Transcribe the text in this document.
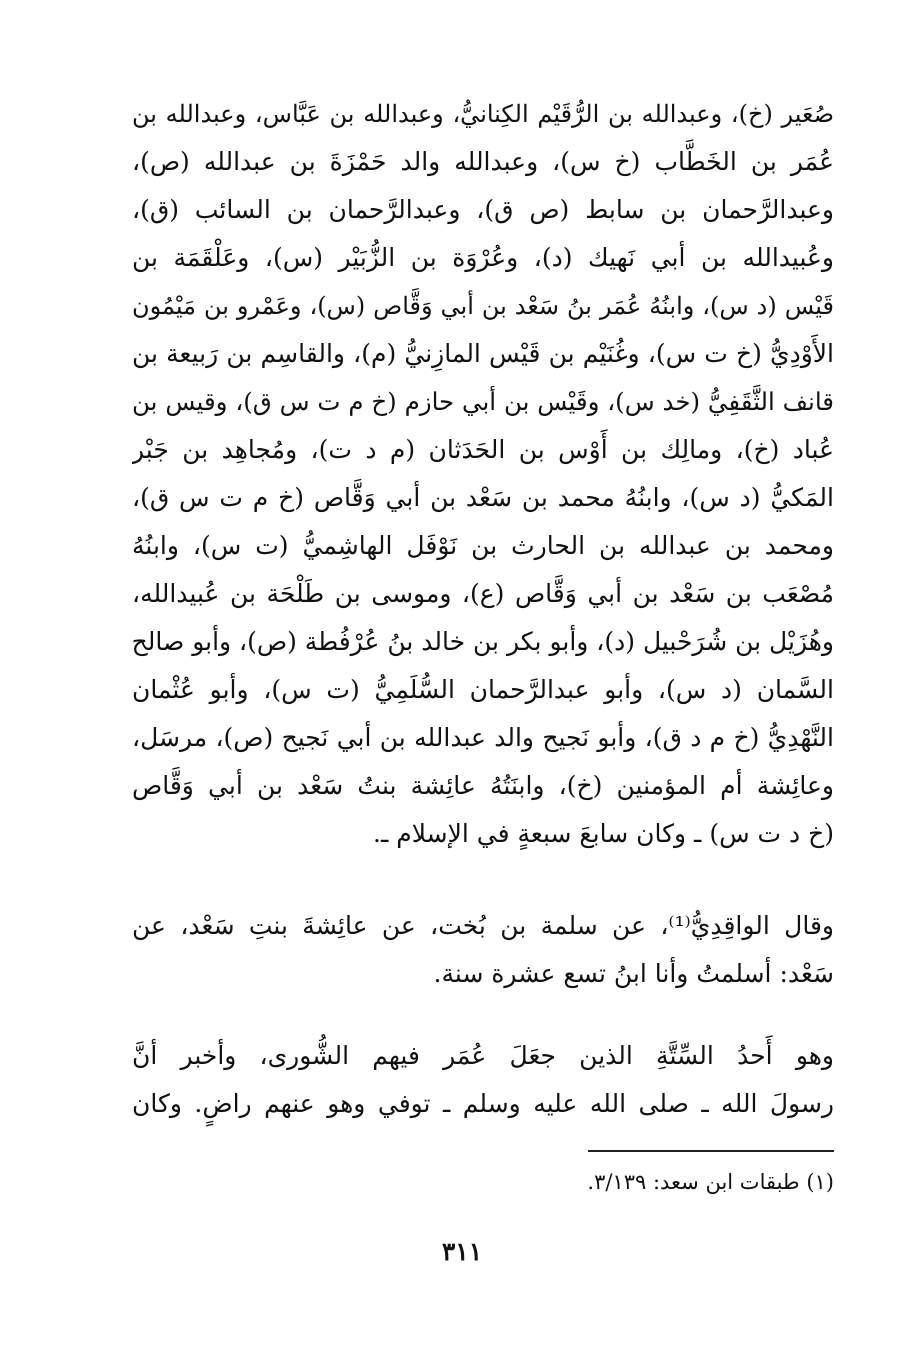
صُعَير (خ)، وعبدالله بن الرُّقَيْم الكِنانيُّ، وعبدالله بن عَبَّاس، وعبدالله بن
عُمَر بن الخَطَّاب (خ س)، وعبدالله والد حَمْزَةَ بن عبدالله (ص)،
وعبدالرَّحمان بن سابط (ص ق)، وعبدالرَّحمان بن السائب (ق)،
وعُبيدالله بن أبي نَهيك (د)، وعُرْوَة بن الزُّبَيْر (س)، وعَلْقَمَة بن
قَيْس (د س)، وابنُهُ عُمَر بنُ سَعْد بن أبي وَقَّاص (س)، وعَمْرو بن مَيْمُون
الأَوْدِيُّ (خ ت س)، وغُنَيْم بن قَيْس المازِنيُّ (م)، والقاسِم بن رَبيعة بن
قانف الثَّقَفِيُّ (خد س)، وقَيْس بن أبي حازم (خ م ت س ق)، وقيس بن
عُباد (خ)، ومالِك بن أَوْس بن الحَدَثان (م د ت)، ومُجاهِد بن جَبْر
المَكيُّ (د س)، وابنُهُ محمد بن سَعْد بن أبي وَقَّاص (خ م ت س ق)،
ومحمد بن عبدالله بن الحارث بن نَوْفَل الهاشِميُّ (ت س)، وابنُهُ
مُصْعَب بن سَعْد بن أبي وَقَّاص (ع)، وموسى بن طَلْحَة بن عُبيدالله،
وهُزَيْل بن شُرَحْبيل (د)، وأبو بكر بن خالد بنُ عُرْفُطة (ص)، وأبو صالح
السَّمان (د س)، وأبو عبدالرَّحمان السُّلَمِيُّ (ت س)، وأبو عُثْمان
النَّهْدِيُّ (خ م د ق)، وأبو نَجيح والد عبدالله بن أبي نَجيح (ص)، مرسَل،
وعائِشة أم المؤمنين (خ)، وابنَتُهُ عائِشة بنتُ سَعْد بن أبي وَقَّاص
(خ د ت س) ـ وكان سابعَ سبعةٍ في الإسلام ـ.
وقال الواقِدِيُّ⁽¹⁾، عن سلمة بن بُخت، عن عائِشةَ بنتِ سَعْد، عن
سَعْد: أسلمتُ وأنا ابنُ تسع عشرة سنة.
وهو أَحدُ السِّتَّةِ الذين جعَلَ عُمَر فيهم الشُّورى، وأخبر أنَّ
رسولَ الله ـ صلى الله عليه وسلم ـ توفي وهو عنهم راضٍ. وكان
(١) طبقات ابن سعد: ٣/١٣٩.
٣١١
